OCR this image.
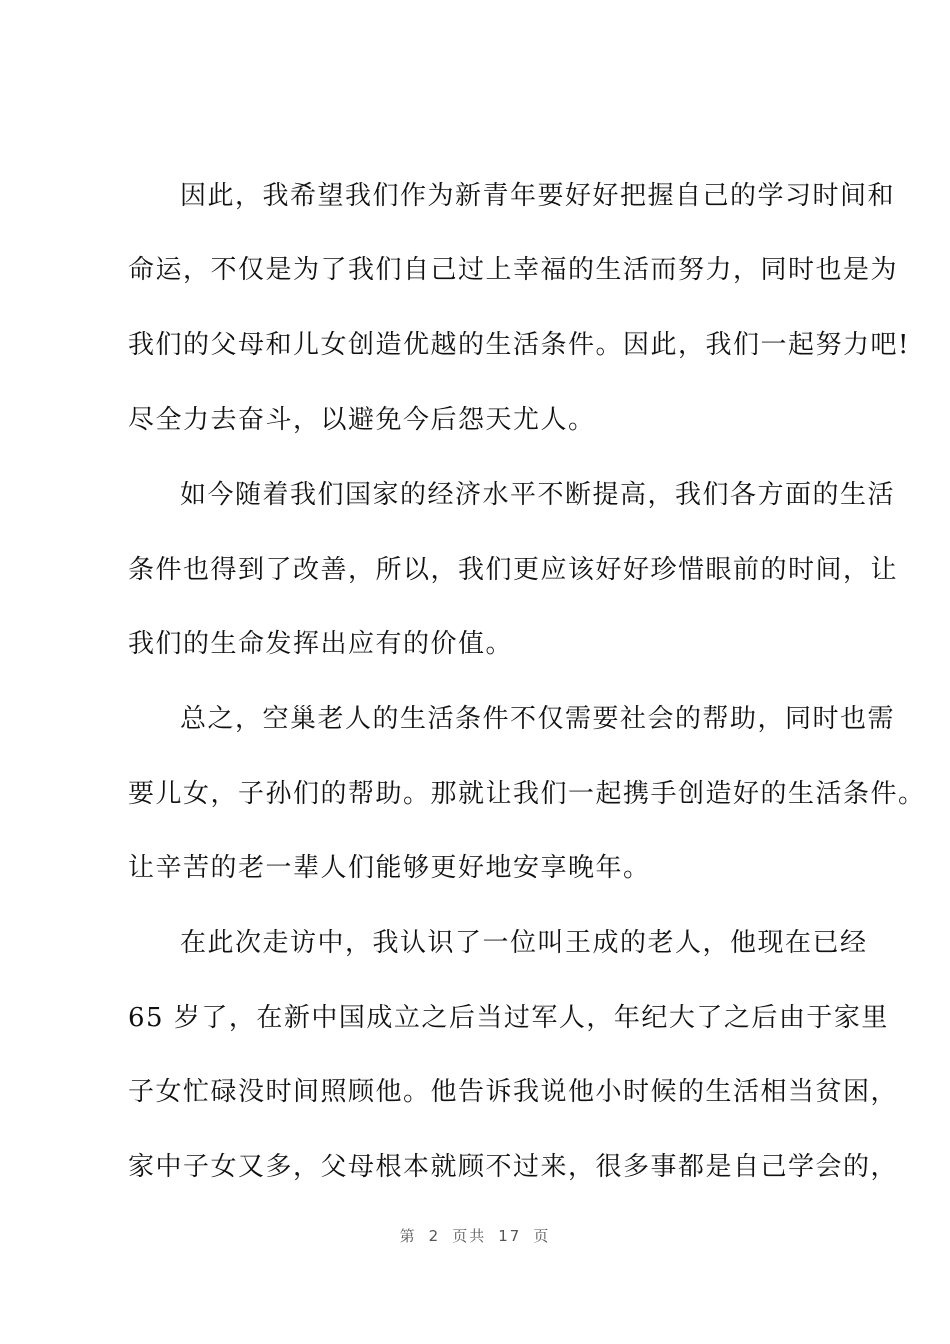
因此，我希望我们作为新青年要好好把握自己的学习时间和
命运，不仅是为了我们自己过上幸福的生活而努力，同时也是为
我们的父母和儿女创造优越的生活条件。因此，我们一起努力吧!
尽全力去奋斗，以避免今后怨天尤人。
如今随着我们国家的经济水平不断提高，我们各方面的生活
条件也得到了改善，所以，我们更应该好好珍惜眼前的时间，让
我们的生命发挥出应有的价值。
总之，空巢老人的生活条件不仅需要社会的帮助，同时也需
要儿女，子孙们的帮助。那就让我们一起携手创造好的生活条件。
让辛苦的老一辈人们能够更好地安享晚年。
在此次走访中，我认识了一位叫王成的老人，他现在已经
65 岁了，在新中国成立之后当过军人，年纪大了之后由于家里
子女忙碌没时间照顾他。他告诉我说他小时候的生活相当贫困，
家中子女又多，父母根本就顾不过来，很多事都是自己学会的，
第 2 页共 17 页
